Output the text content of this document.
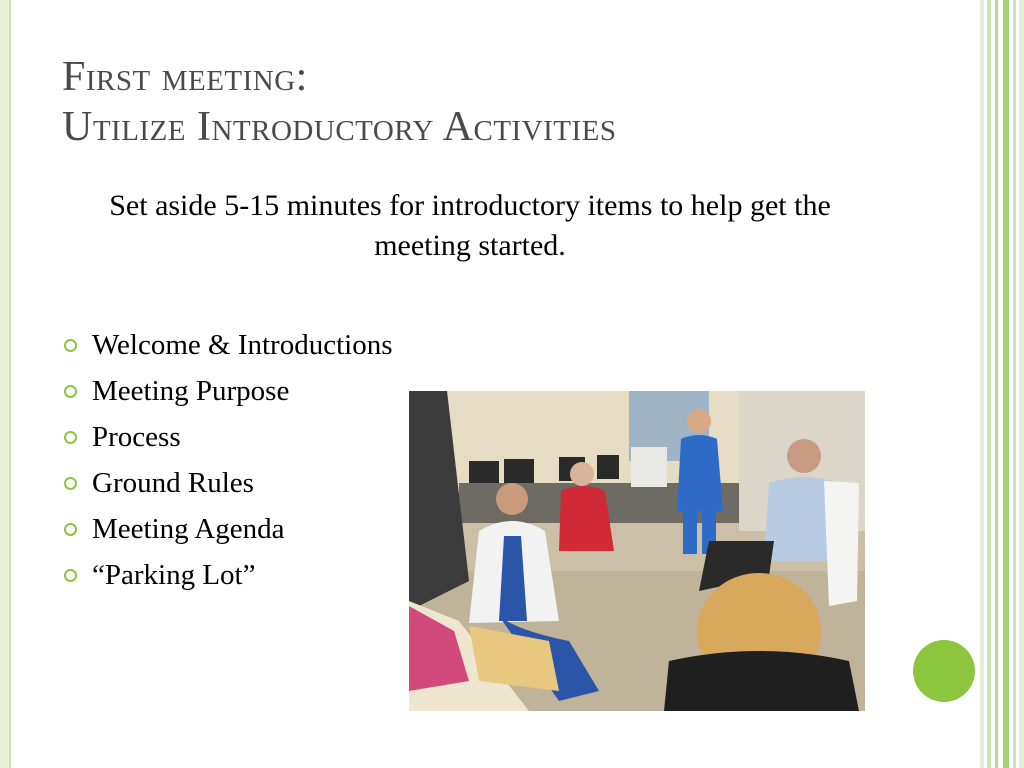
First meeting:
Utilize Introductory Activities
Set aside 5-15 minutes for introductory items to help get the meeting started.
Welcome & Introductions
Meeting Purpose
Process
Ground Rules
Meeting Agenda
“Parking Lot”
